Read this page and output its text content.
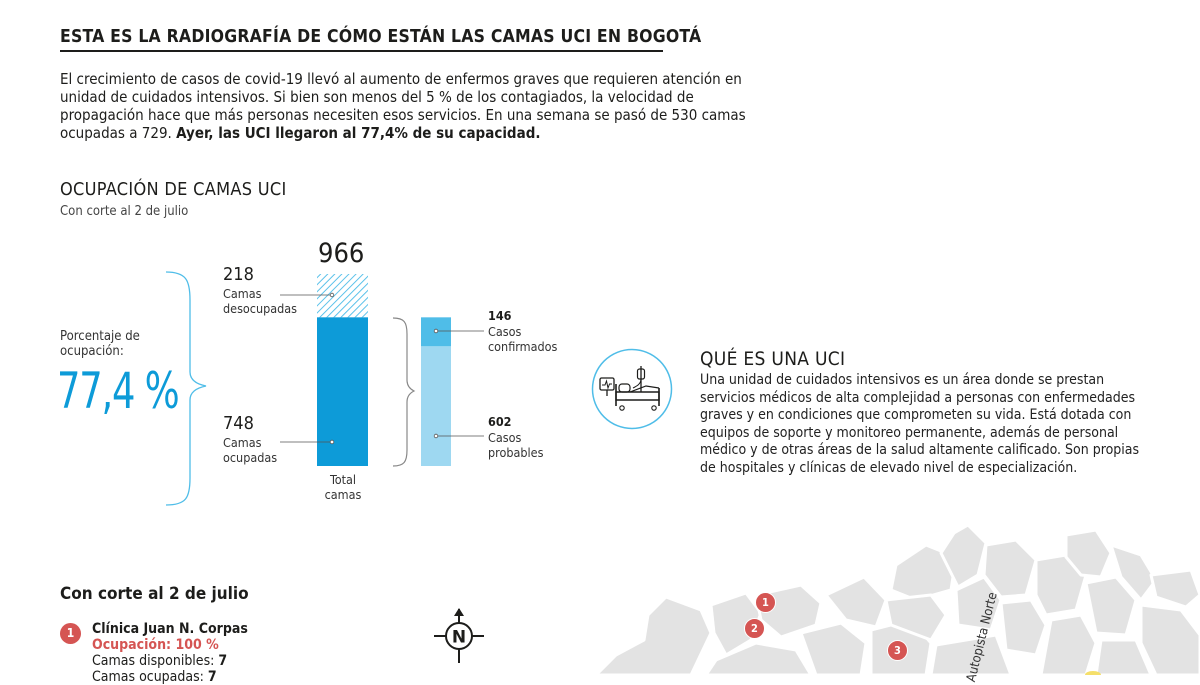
ESTA ES LA RADIOGRAFÍA DE CÓMO ESTÁN LAS CAMAS UCI EN BOGOTÁ
El crecimiento de casos de covid-19 llevó al aumento de enfermos graves que requieren atención en unidad de cuidados intensivos. Si bien son menos del 5 % de los contagiados, la velocidad de propagación hace que más personas necesiten esos servicios. En una semana se pasó de 530 camas ocupadas a 729. Ayer, las UCI llegaron al 77,4% de su capacidad.
OCUPACIÓN DE CAMAS UCI
Con corte al 2 de julio
Porcentaje de ocupación:
77,4 %
966
Total camas
218
Camas desocupadas
748
Camas ocupadas
146
Casos confirmados
602
Casos probables
QUÉ ES UNA UCI
Una unidad de cuidados intensivos es un área donde se prestan servicios médicos de alta complejidad a personas con enfermedades graves y en condiciones que comprometen su vida. Está dotada con equipos de soporte y monitoreo permanente, además de personal médico y de otras áreas de la salud altamente calificado. Son propias de hospitales y clínicas de elevado nivel de especialización.
Con corte al 2 de julio
1	Clínica Juan N. Corpas
Ocupación: 100 %
Camas disponibles: 7
Camas ocupadas: 7
N
1
2
3	Autopista Norte
